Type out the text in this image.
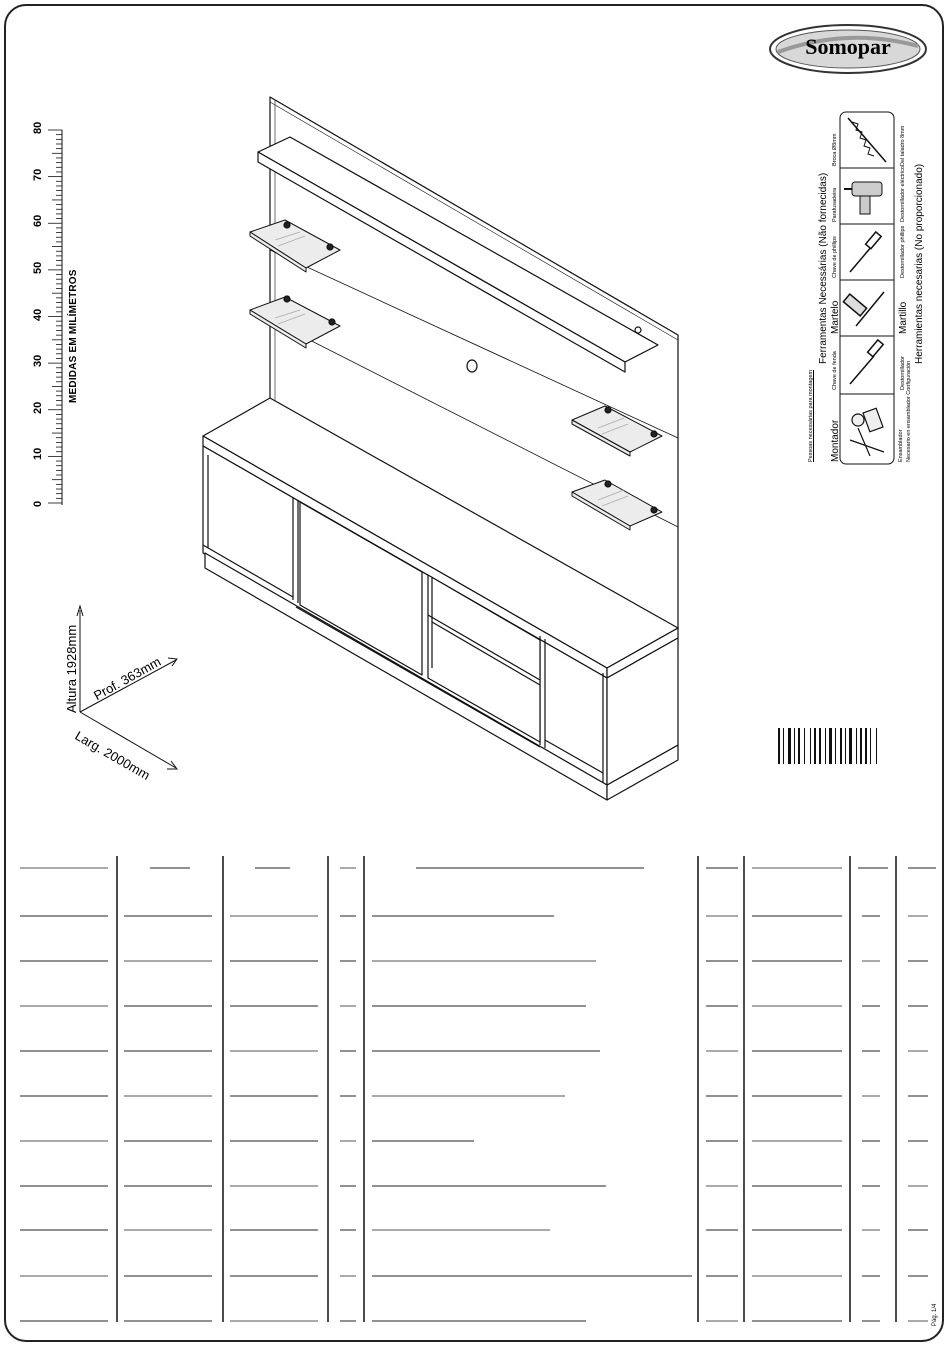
Somopar
0
10
20
30
40
50
60
70
80
MEDIDAS EM MILÍMETROS
Altura 1928mm Prof. 363mm
Larg. 2000mm
Ferramentas Necessárias (Não fornecidas)	Herramientas necesarias (No proporcionado)
Pessoas necessárias para montagem Montador	Ensamblador Necesario en ensamblador Configuración
Chave de fenda	Destornillador
Martelo	Martillo
Chave de phillips	Destornillador phillips
Parafusadeira	Destornillador eléctrico
Broca Ø8mm	Del taladro 8mm
Pág. 1/4
